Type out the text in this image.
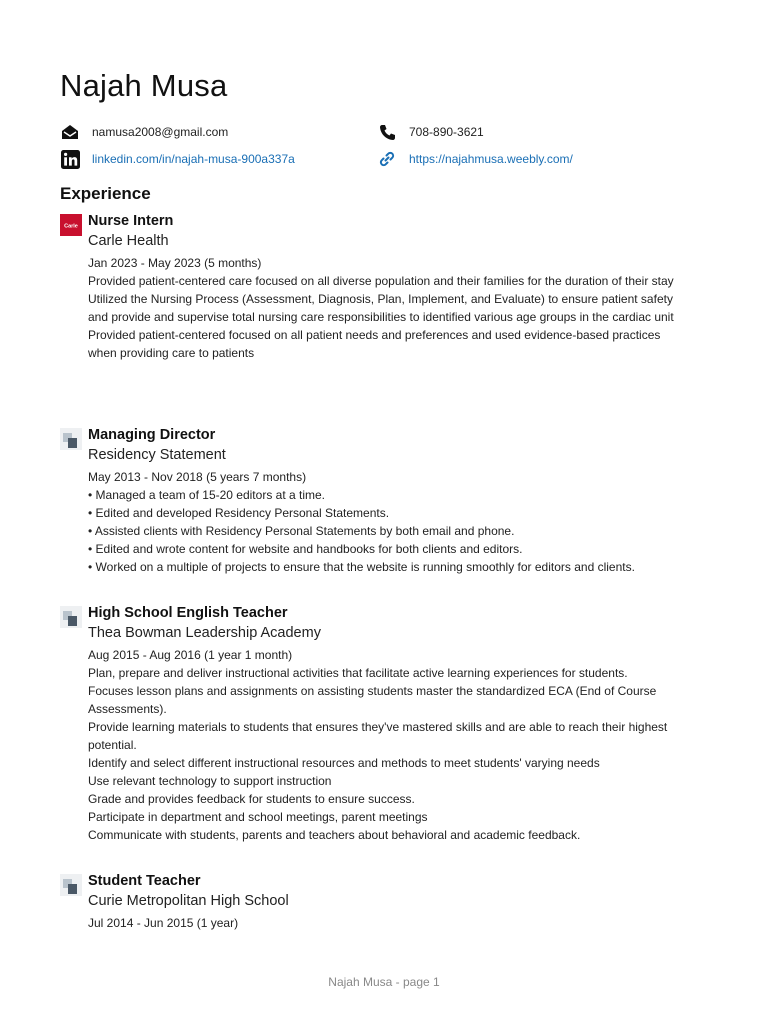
Najah Musa
namusa2008@gmail.com	708-890-3621
linkedin.com/in/najah-musa-900a337a	https://najahmusa.weebly.com/
Experience
Carle Nurse Intern
Carle Health
Jan 2023 - May 2023 (5 months)
Provided patient-centered care focused on all diverse population and their families for the duration of their stay
Utilized the Nursing Process (Assessment, Diagnosis, Plan, Implement, and Evaluate) to ensure patient safety and provide and supervise total nursing care responsibilities to identified various age groups in the cardiac unit
Provided patient-centered focused on all patient needs and preferences and used evidence-based practices when providing care to patients
Managing Director
Residency Statement
May 2013 - Nov 2018 (5 years 7 months)
• Managed a team of 15-20 editors at a time.
• Edited and developed Residency Personal Statements.
• Assisted clients with Residency Personal Statements by both email and phone.
• Edited and wrote content for website and handbooks for both clients and editors.
• Worked on a multiple of projects to ensure that the website is running smoothly for editors and clients.
High School English Teacher
Thea Bowman Leadership Academy
Aug 2015 - Aug 2016 (1 year 1 month)
Plan, prepare and deliver instructional activities that facilitate active learning experiences for students.
Focuses lesson plans and assignments on assisting students master the standardized ECA (End of Course Assessments).
Provide learning materials to students that ensures they've mastered skills and are able to reach their highest potential.
Identify and select different instructional resources and methods to meet students' varying needs
Use relevant technology to support instruction
Grade and provides feedback for students to ensure success.
Participate in department and school meetings, parent meetings
Communicate with students, parents and teachers about behavioral and academic feedback.
Student Teacher
Curie Metropolitan High School
Jul 2014 - Jun 2015 (1 year)
Najah Musa - page 1
